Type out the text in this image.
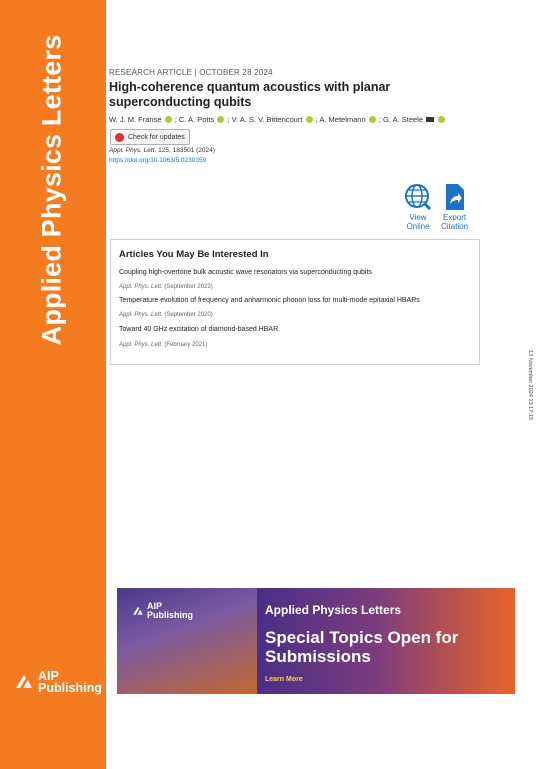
Applied Physics Letters
AIP
Publishing
RESEARCH ARTICLE | OCTOBER 28 2024
High-coherence quantum acoustics with planar superconducting qubits
W. J. M. Franse  ; C. A. Potts  ; V. A. S. V. Bittencourt  ; A. Metelmann  ; G. A. Steele
Check for updates
Appl. Phys. Lett. 125, 183501 (2024)
https://doi.org/10.1063/5.0230359
View
Online
Export
Citation
Articles You May Be Interested In
Coupling high-overtone bulk acoustic wave resonators via superconducting qubits
Appl. Phys. Lett. (September 2023)
Temperature evolution of frequency and anharmonic phonon loss for multi-mode epitaxial HBARs
Appl. Phys. Lett. (September 2020)
Toward 40 GHz excitation of diamond-based HBAR
Appl. Phys. Lett. (February 2021)
13 November 2024 13:17:13
AIP Publishing	Applied Physics Letters
Special Topics Open for Submissions
Learn More
